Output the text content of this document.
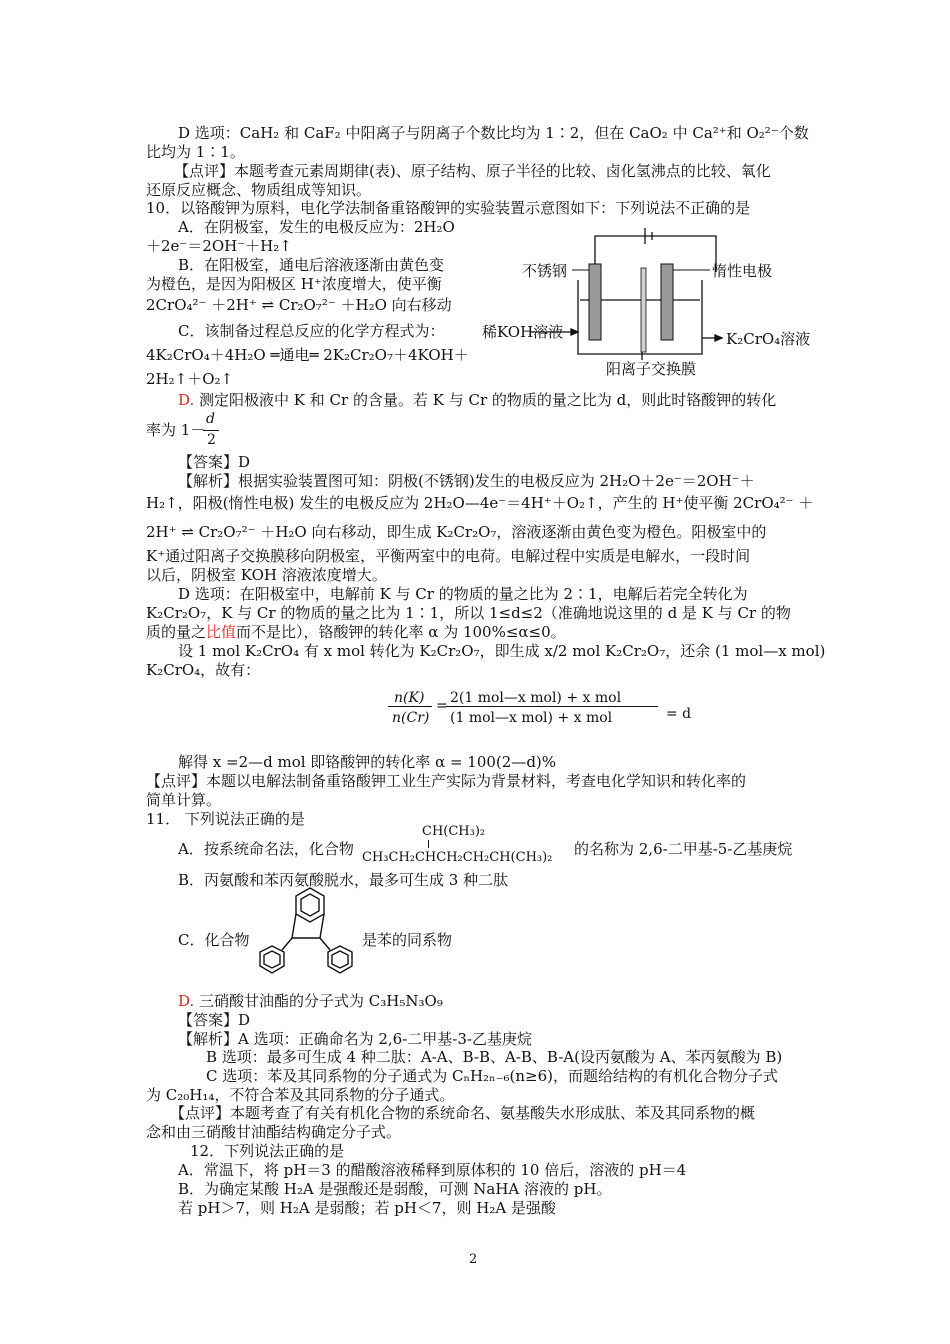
D 选项：CaH₂ 和 CaF₂ 中阳离子与阴离子个数比均为 1∶2，但在 CaO₂ 中 Ca²⁺和 O₂²⁻个数
比均为 1∶1。
【点评】本题考查元素周期律(表)、原子结构、原子半径的比较、卤化氢沸点的比较、氧化
还原反应概念、物质组成等知识。
10．以铬酸钾为原料，电化学法制备重铬酸钾的实验装置示意图如下：下列说法不正确的是
A．在阴极室，发生的电极反应为：2H₂O
＋2e⁻＝2OH⁻＋H₂↑
B．在阳极室，通电后溶液逐渐由黄色变
为橙色，是因为阳极区 H⁺浓度增大，使平衡
2CrO₄²⁻ ＋2H⁺ ⇌ Cr₂O₇²⁻ ＋H₂O 向右移动
C．该制备过程总反应的化学方程式为：
4K₂CrO₄＋4H₂O ═通电═ 2K₂Cr₂O₇＋4KOH＋
2H₂↑＋O₂↑
D. 测定阳极液中 K 和 Cr 的含量。若 K 与 Cr 的物质的量之比为 d，则此时铬酸钾的转化
率为 1－
d
2
【答案】D
【解析】根据实验装置图可知：阴极(不锈钢)发生的电极反应为 2H₂O＋2e⁻＝2OH⁻＋
H₂↑，阳极(惰性电极) 发生的电极反应为 2H₂O—4e⁻＝4H⁺＋O₂↑，产生的 H⁺使平衡 2CrO₄²⁻ ＋
2H⁺ ⇌ Cr₂O₇²⁻ ＋H₂O 向右移动，即生成 K₂Cr₂O₇，溶液逐渐由黄色变为橙色。阳极室中的
K⁺通过阳离子交换膜移向阴极室，平衡两室中的电荷。电解过程中实质是电解水，一段时间
以后，阴极室 KOH 溶液浓度增大。
D 选项：在阳极室中，电解前 K 与 Cr 的物质的量之比为 2∶1，电解后若完全转化为
K₂Cr₂O₇，K 与 Cr 的物质的量之比为 1∶1，所以 1≤d≤2（准确地说这里的 d 是 K 与 Cr 的物
质的量之比值而不是比），铬酸钾的转化率 α 为 100%≤α≤0。
设 1 mol K₂CrO₄ 有 x mol 转化为 K₂Cr₂O₇，即生成 x/2 mol K₂Cr₂O₇，还余 (1 mol—x mol)
K₂CrO₄，故有：
n(K)
n(Cr)
= 2(1 mol—x mol) + x mol
(1 mol—x mol) + x mol	= d
解得 x =2—d mol 即铬酸钾的转化率 α = 100(2—d)%
【点评】本题以电解法制备重铬酸钾工业生产实际为背景材料，考查电化学知识和转化率的
简单计算。
11． 下列说法正确的是
A．按系统命名法，化合物
CH(CH₃)₂
CH₃CH₂CHCH₂CH₂CH(CH₃)₂ 的名称为 2,6-二甲基-5-乙基庚烷
B．丙氨酸和苯丙氨酸脱水，最多可生成 3 种二肽
C．化合物	是苯的同系物
D. 三硝酸甘油酯的分子式为 C₃H₅N₃O₉
【答案】D
【解析】A 选项：正确命名为 2,6-二甲基-3-乙基庚烷
B 选项：最多可生成 4 种二肽：A-A、B-B、A-B、B-A(设丙氨酸为 A、苯丙氨酸为 B)
C 选项：苯及其同系物的分子通式为 CₙH₂ₙ₋₆(n≥6)，而题给结构的有机化合物分子式
为 C₂₀H₁₄，不符合苯及其同系物的分子通式。
【点评】本题考查了有关有机化合物的系统命名、氨基酸失水形成肽、苯及其同系物的概
念和由三硝酸甘油酯结构确定分子式。
12．下列说法正确的是
A．常温下，将 pH＝3 的醋酸溶液稀释到原体积的 10 倍后，溶液的 pH＝4
B．为确定某酸 H₂A 是强酸还是弱酸，可测 NaHA 溶液的 pH。
若 pH＞7，则 H₂A 是弱酸；若 pH＜7，则 H₂A 是强酸
不锈钢	惰性电极
稀KOH溶液	K₂CrO₄溶液
阳离子交换膜
2
